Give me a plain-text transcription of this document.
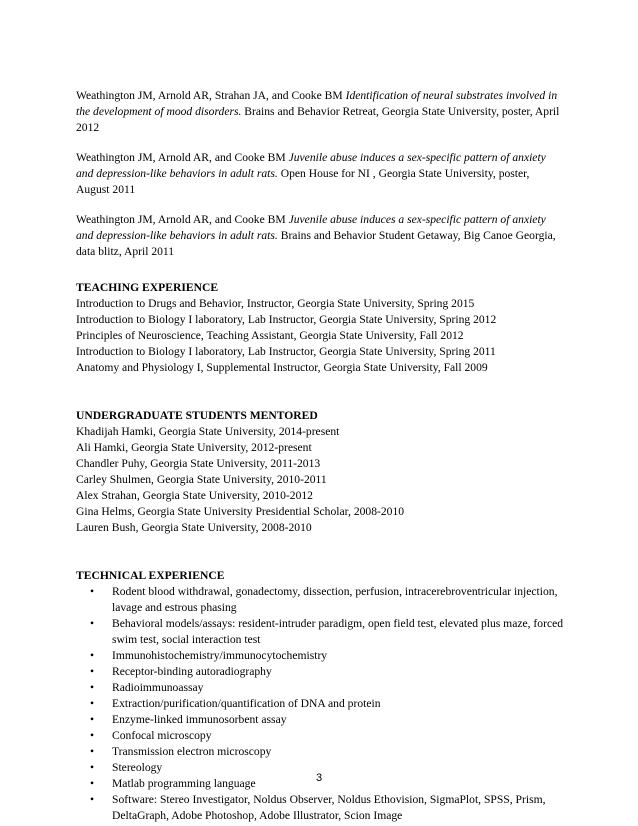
Weathington JM, Arnold AR, Strahan JA, and Cooke BM Identification of neural substrates involved in the development of mood disorders. Brains and Behavior Retreat, Georgia State University, poster, April 2012

Weathington JM, Arnold AR, and Cooke BM Juvenile abuse induces a sex-specific pattern of anxiety and depression-like behaviors in adult rats. Open House for NI , Georgia State University, poster, August 2011

Weathington JM, Arnold AR, and Cooke BM Juvenile abuse induces a sex-specific pattern of anxiety and depression-like behaviors in adult rats. Brains and Behavior Student Getaway, Big Canoe Georgia, data blitz, April 2011

TEACHING EXPERIENCE

Introduction to Drugs and Behavior, Instructor, Georgia State University, Spring 2015

Introduction to Biology I laboratory, Lab Instructor, Georgia State University, Spring 2012

Principles of Neuroscience, Teaching Assistant, Georgia State University, Fall 2012

Introduction to Biology I laboratory, Lab Instructor, Georgia State University, Spring 2011

Anatomy and Physiology I, Supplemental Instructor, Georgia State University, Fall 2009

UNDERGRADUATE STUDENTS MENTORED

Khadijah Hamki, Georgia State University, 2014-present

Ali Hamki, Georgia State University, 2012-present

Chandler Puhy, Georgia State University, 2011-2013

Carley Shulmen, Georgia State University, 2010-2011

Alex Strahan, Georgia State University, 2010-2012

Gina Helms, Georgia State University Presidential Scholar, 2008-2010

Lauren Bush, Georgia State University, 2008-2010

TECHNICAL EXPERIENCE

• Rodent blood withdrawal, gonadectomy, dissection, perfusion, intracerebroventricular injection, lavage and estrous phasing
• Behavioral models/assays: resident-intruder paradigm, open field test, elevated plus maze, forced swim test, social interaction test
• Immunohistochemistry/immunocytochemistry
• Receptor-binding autoradiography
• Radioimmunoassay
• Extraction/purification/quantification of DNA and protein
• Enzyme-linked immunosorbent assay
• Confocal microscopy
• Transmission electron microscopy
• Stereology
• Matlab programming language
• Software: Stereo Investigator, Noldus Observer, Noldus Ethovision, SigmaPlot, SPSS, Prism, DeltaGraph, Adobe Photoshop, Adobe Illustrator, Scion Image
3
